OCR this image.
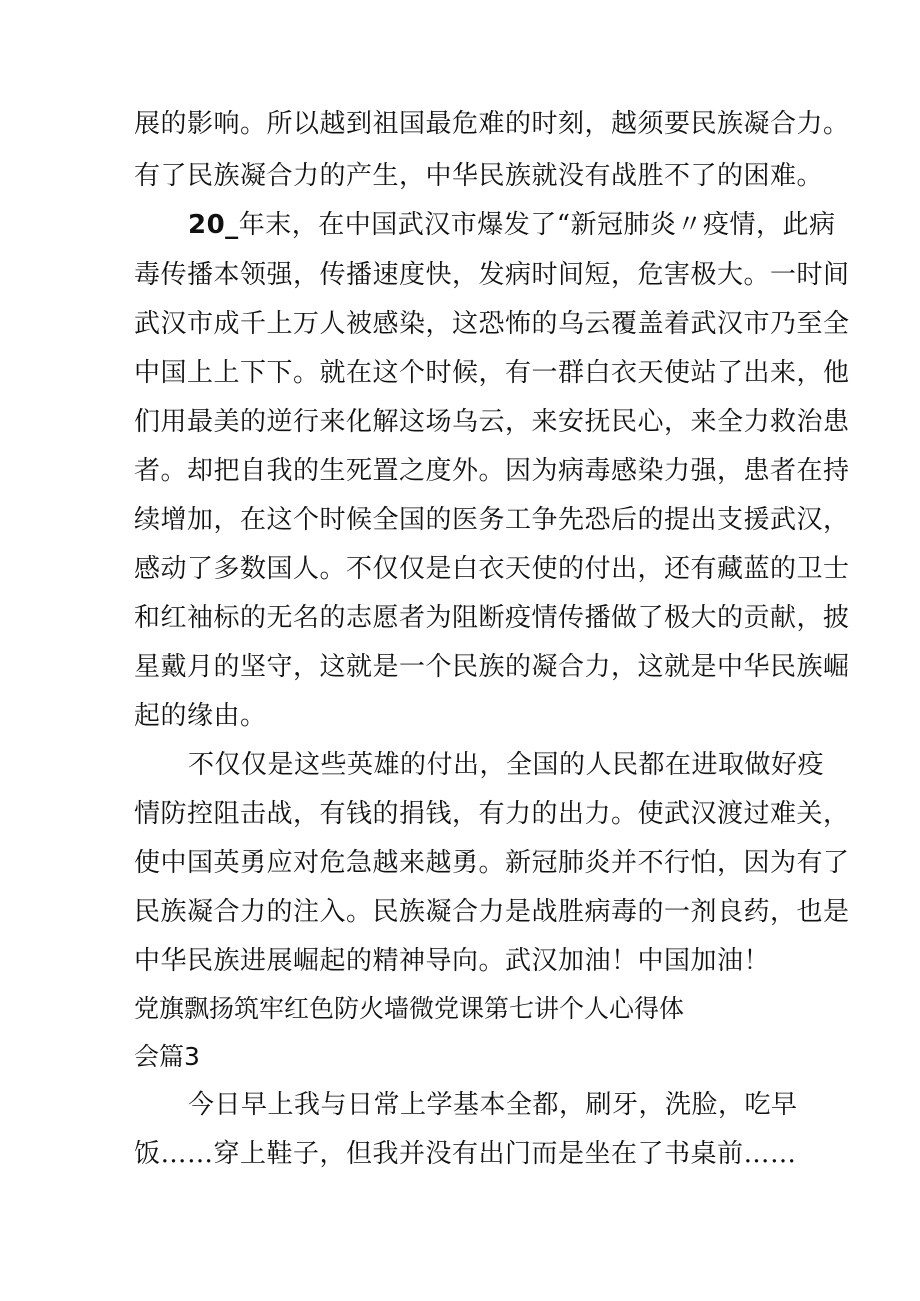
展的影响。所以越到祖国最危难的时刻，越须要民族凝合力。

有了民族凝合力的产生，中华民族就没有战胜不了的困难。

20_年末，在中国武汉市爆发了“新冠肺炎〃疫情，此病

毒传播本领强，传播速度快，发病时间短，危害极大。一时间

武汉市成千上万人被感染，这恐怖的乌云覆盖着武汉市乃至全

中国上上下下。就在这个时候，有一群白衣天使站了出来，他

们用最美的逆行来化解这场乌云，来安抚民心，来全力救治患

者。却把自我的生死置之度外。因为病毒感染力强，患者在持

续增加，在这个时候全国的医务工争先恐后的提出支援武汉，

感动了多数国人。不仅仅是白衣天使的付出，还有藏蓝的卫士

和红袖标的无名的志愿者为阻断疫情传播做了极大的贡献，披

星戴月的坚守，这就是一个民族的凝合力，这就是中华民族崛

起的缘由。

不仅仅是这些英雄的付出，全国的人民都在进取做好疫

情防控阻击战，有钱的捐钱，有力的出力。使武汉渡过难关，

使中国英勇应对危急越来越勇。新冠肺炎并不行怕，因为有了

民族凝合力的注入。民族凝合力是战胜病毒的一剂良药，也是

中华民族进展崛起的精神导向。武汉加油！中国加油！

党旗飘扬筑牢红色防火墙微党课第七讲个人心得体

会篇3

今日早上我与日常上学基本全都，刷牙，洗脸，吃早

饭……穿上鞋子，但我并没有出门而是坐在了书桌前……
